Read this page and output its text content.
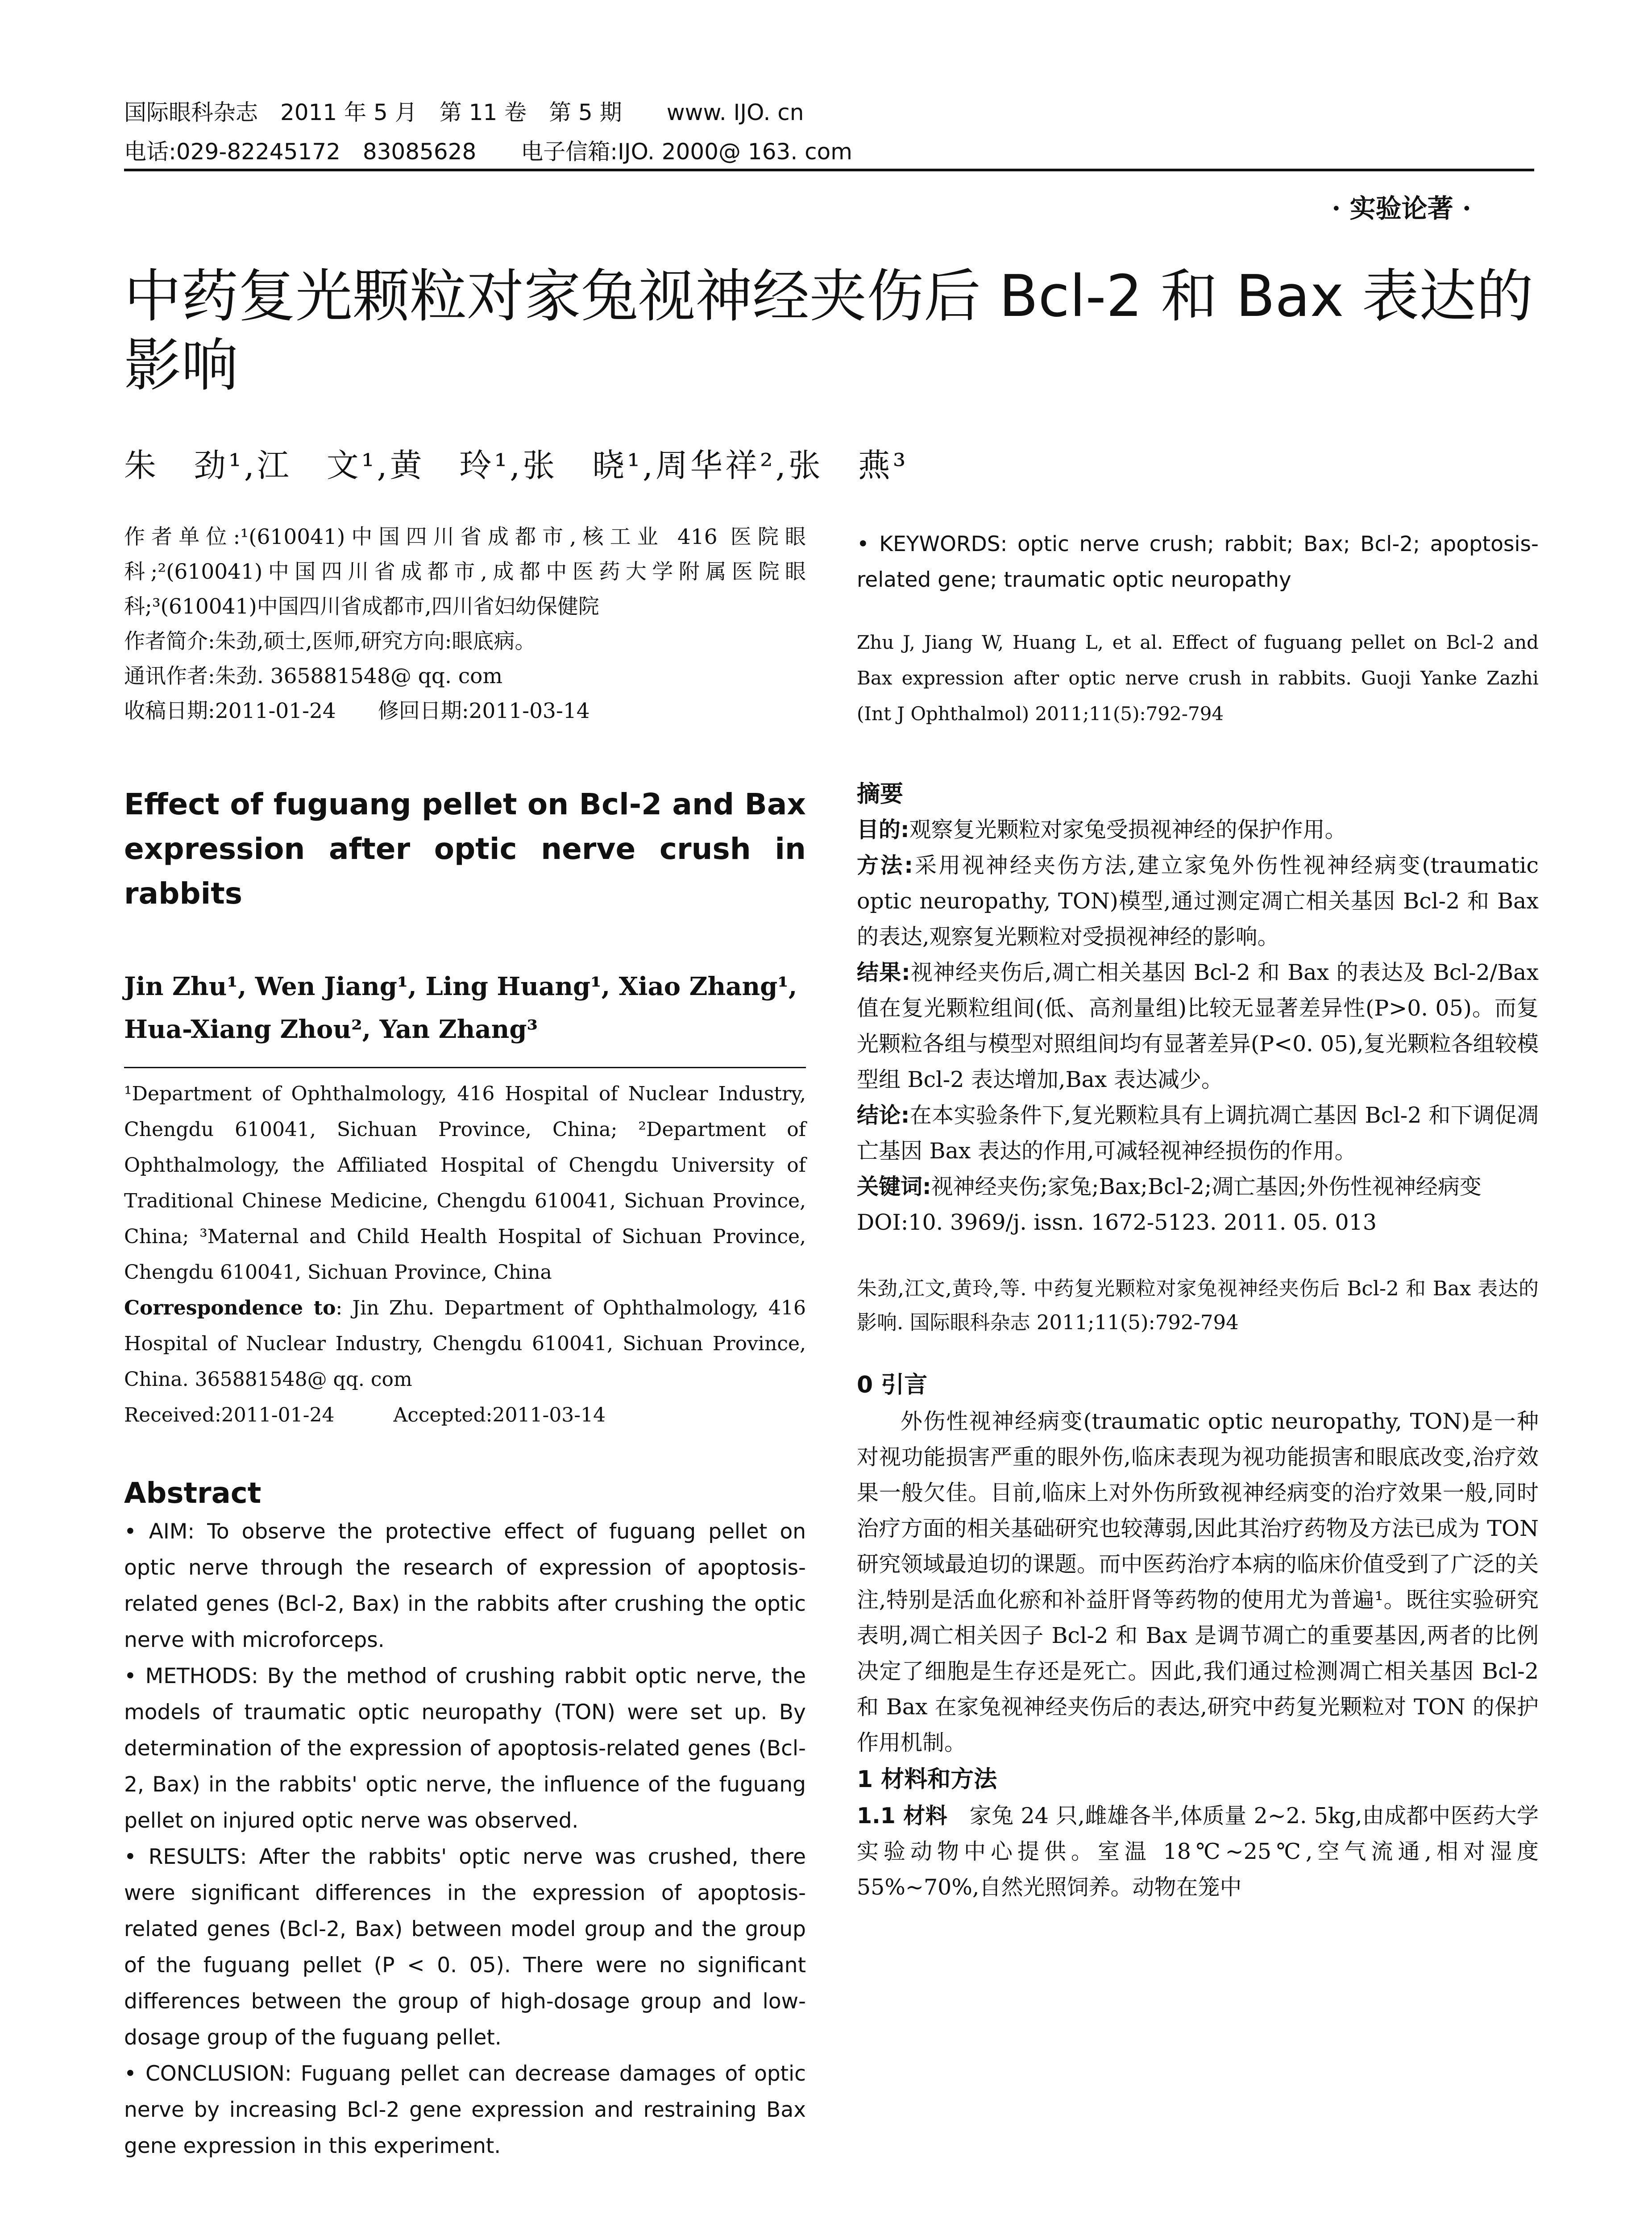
国际眼科杂志　2011 年 5 月　第 11 卷　第 5 期　　www. IJO. cn
电话:029-82245172　83085628　　电子信箱:IJO. 2000@ 163. com
· 实验论著 ·
中药复光颗粒对家兔视神经夹伤后 Bcl-2 和 Bax 表达的
影响
朱　劲¹,江　文¹,黄　玲¹,张　晓¹,周华祥²,张　燕³

作者单位:¹(610041)中国四川省成都市,核工业 416 医院眼科;²(610041)中国四川省成都市,成都中医药大学附属医院眼科;³(610041)中国四川省成都市,四川省妇幼保健院

作者简介:朱劲,硕士,医师,研究方向:眼底病。

通讯作者:朱劲. 365881548@ qq. com

收稿日期:2011-01-24　　修回日期:2011-03-14

Effect of fuguang pellet on Bcl-2 and Bax expression after optic nerve crush in rabbits
Jin Zhu¹, Wen Jiang¹, Ling Huang¹, Xiao Zhang¹, Hua-Xiang Zhou², Yan Zhang³
¹Department of Ophthalmology, 416 Hospital of Nuclear Industry, Chengdu 610041, Sichuan Province, China; ²Department of Ophthalmology, the Affiliated Hospital of Chengdu University of Traditional Chinese Medicine, Chengdu 610041, Sichuan Province, China; ³Maternal and Child Health Hospital of Sichuan Province, Chengdu 610041, Sichuan Province, China
Correspondence to: Jin Zhu. Department of Ophthalmology, 416 Hospital of Nuclear Industry, Chengdu 610041, Sichuan Province, China. 365881548@ qq. com
Received:2011-01-24　　　Accepted:2011-03-14
Abstract

• AIM: To observe the protective effect of fuguang pellet on optic nerve through the research of expression of apoptosis-related genes (Bcl-2, Bax) in the rabbits after crushing the optic nerve with microforceps.

• METHODS: By the method of crushing rabbit optic nerve, the models of traumatic optic neuropathy (TON) were set up. By determination of the expression of apoptosis-related genes (Bcl-2, Bax) in the rabbits' optic nerve, the influence of the fuguang pellet on injured optic nerve was observed.

• RESULTS: After the rabbits' optic nerve was crushed, there were significant differences in the expression of apoptosis-related genes (Bcl-2, Bax) between model group and the group of the fuguang pellet (P < 0. 05). There were no significant differences between the group of high-dosage group and low-dosage group of the fuguang pellet.

• CONCLUSION: Fuguang pellet can decrease damages of optic nerve by increasing Bcl-2 gene expression and restraining Bax gene expression in this experiment.

• KEYWORDS: optic nerve crush; rabbit; Bax; Bcl-2; apoptosis-related gene; traumatic optic neuropathy
Zhu J, Jiang W, Huang L, et al. Effect of fuguang pellet on Bcl-2 and Bax expression after optic nerve crush in rabbits. Guoji Yanke Zazhi (Int J Ophthalmol) 2011;11(5):792-794
摘要

目的:观察复光颗粒对家兔受损视神经的保护作用。

方法:采用视神经夹伤方法,建立家兔外伤性视神经病变(traumatic optic neuropathy, TON)模型,通过测定凋亡相关基因 Bcl-2 和 Bax 的表达,观察复光颗粒对受损视神经的影响。

结果:视神经夹伤后,凋亡相关基因 Bcl-2 和 Bax 的表达及 Bcl-2/Bax 值在复光颗粒组间(低、高剂量组)比较无显著差异性(P>0. 05)。而复光颗粒各组与模型对照组间均有显著差异(P<0. 05),复光颗粒各组较模型组 Bcl-2 表达增加,Bax 表达减少。

结论:在本实验条件下,复光颗粒具有上调抗凋亡基因 Bcl-2 和下调促凋亡基因 Bax 表达的作用,可减轻视神经损伤的作用。

关键词:视神经夹伤;家兔;Bax;Bcl-2;凋亡基因;外伤性视神经病变

DOI:10. 3969/j. issn. 1672-5123. 2011. 05. 013

朱劲,江文,黄玲,等. 中药复光颗粒对家兔视神经夹伤后 Bcl-2 和 Bax 表达的影响. 国际眼科杂志 2011;11(5):792-794
0 引言
外伤性视神经病变(traumatic optic neuropathy, TON)是一种对视功能损害严重的眼外伤,临床表现为视功能损害和眼底改变,治疗效果一般欠佳。目前,临床上对外伤所致视神经病变的治疗效果一般,同时治疗方面的相关基础研究也较薄弱,因此其治疗药物及方法已成为 TON 研究领域最迫切的课题。而中医药治疗本病的临床价值受到了广泛的关注,特别是活血化瘀和补益肝肾等药物的使用尤为普遍¹。既往实验研究表明,凋亡相关因子 Bcl-2 和 Bax 是调节凋亡的重要基因,两者的比例决定了细胞是生存还是死亡。因此,我们通过检测凋亡相关基因 Bcl-2 和 Bax 在家兔视神经夹伤后的表达,研究中药复光颗粒对 TON 的保护作用机制。
1 材料和方法
1.1 材料　 家兔 24 只,雌雄各半,体质量 2~2. 5kg,由成都中医药大学实验动物中心提供。室温 18℃~25℃,空气流通,相对湿度 55%~70%,自然光照饲养。动物在笼中
